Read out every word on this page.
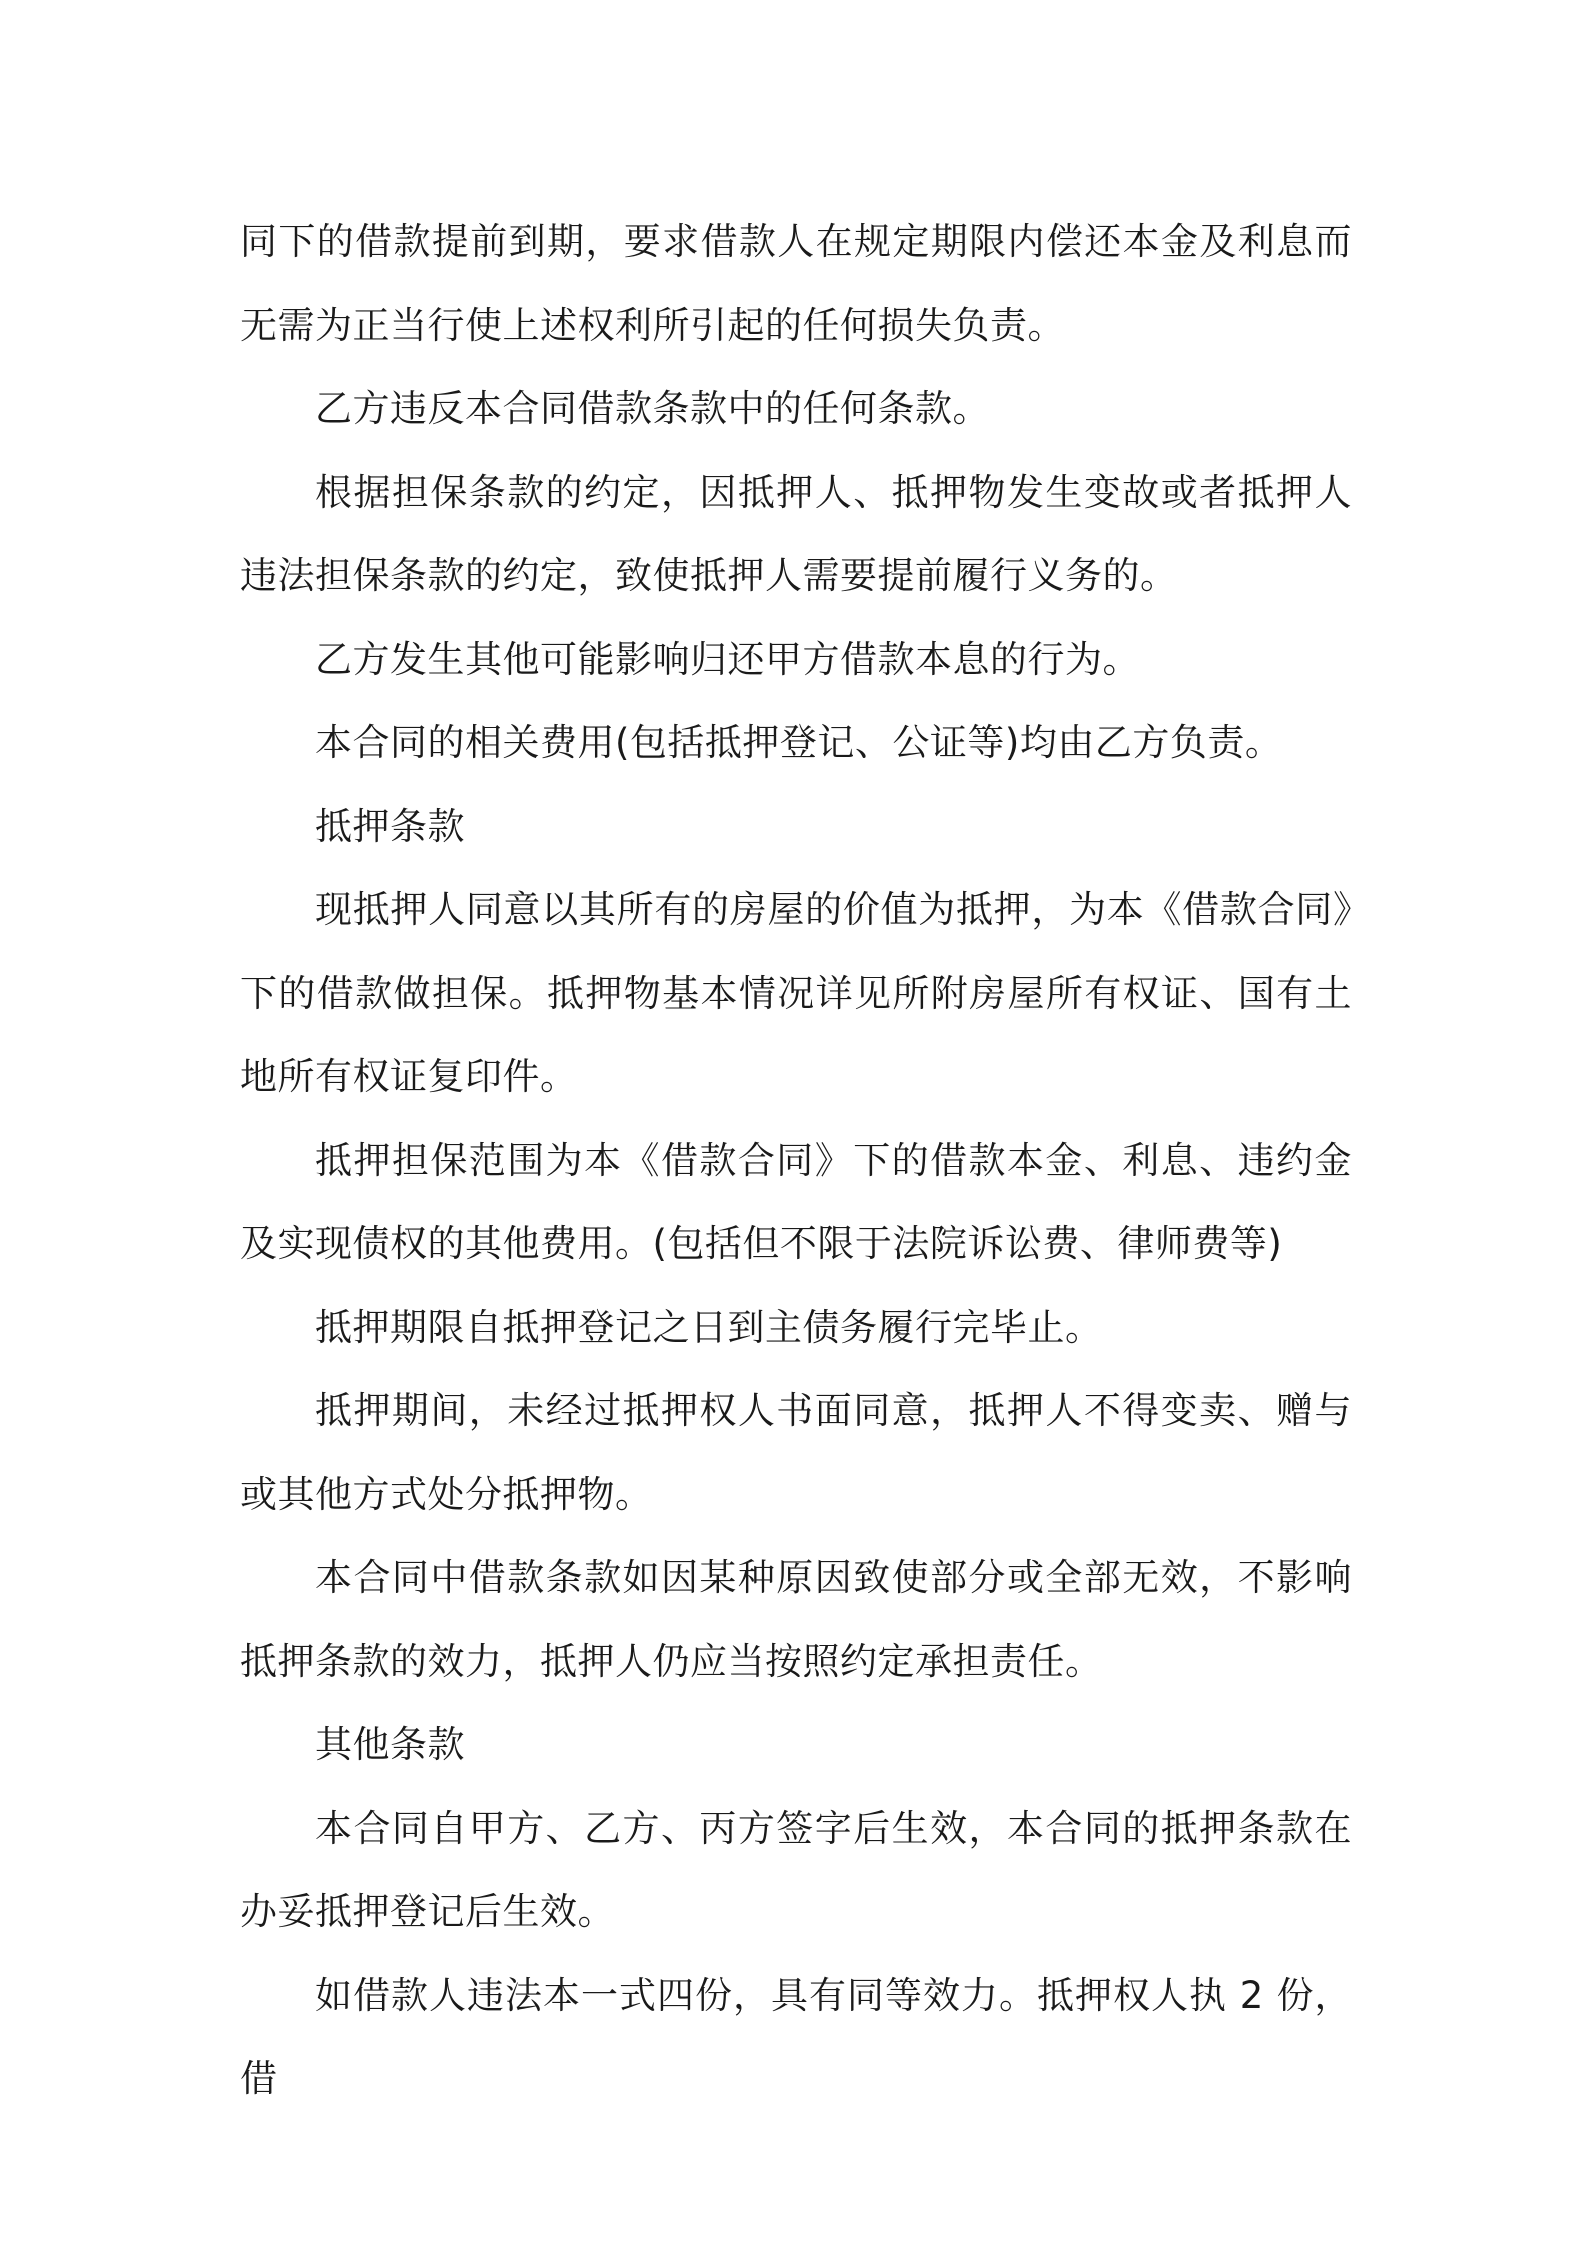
同下的借款提前到期，要求借款人在规定期限内偿还本金及利息而无需为正当行使上述权利所引起的任何损失负责。

乙方违反本合同借款条款中的任何条款。

根据担保条款的约定，因抵押人、抵押物发生变故或者抵押人违法担保条款的约定，致使抵押人需要提前履行义务的。

乙方发生其他可能影响归还甲方借款本息的行为。

本合同的相关费用(包括抵押登记、公证等)均由乙方负责。

抵押条款

现抵押人同意以其所有的房屋的价值为抵押，为本《借款合同》下的借款做担保。抵押物基本情况详见所附房屋所有权证、国有土地所有权证复印件。

抵押担保范围为本《借款合同》下的借款本金、利息、违约金及实现债权的其他费用。(包括但不限于法院诉讼费、律师费等)

抵押期限自抵押登记之日到主债务履行完毕止。

抵押期间，未经过抵押权人书面同意，抵押人不得变卖、赠与或其他方式处分抵押物。

本合同中借款条款如因某种原因致使部分或全部无效，不影响抵押条款的效力，抵押人仍应当按照约定承担责任。

其他条款

本合同自甲方、乙方、丙方签字后生效，本合同的抵押条款在办妥抵押登记后生效。

如借款人违法本一式四份，具有同等效力。抵押权人执 2 份，借
